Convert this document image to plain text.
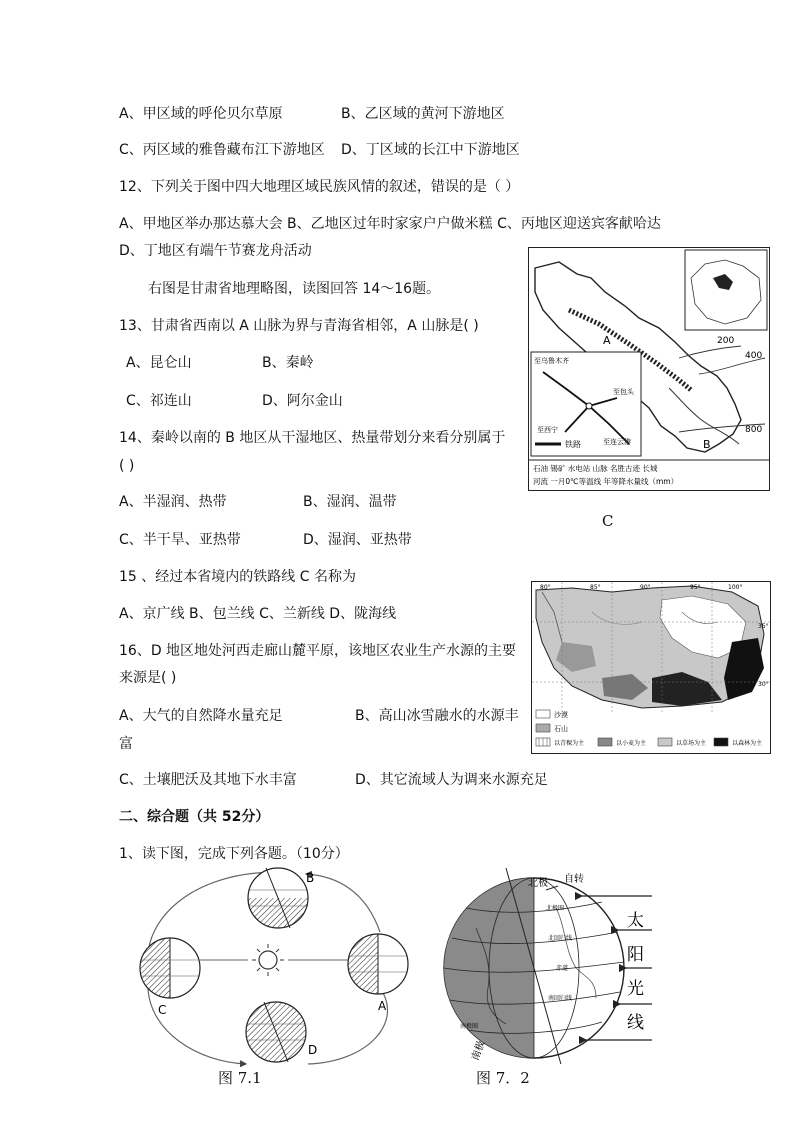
A、甲区域的呼伦贝尔草原	B、乙区域的黄河下游地区
C、丙区域的雅鲁藏布江下游地区 D、丁区域的长江中下游地区
12、下列关于图中四大地理区域民族风情的叙述，错误的是（ ）
A、甲地区举办那达慕大会 B、乙地区过年时家家户户做米糕 C、丙地区迎送宾客献哈达
D、丁地区有端午节赛龙舟活动
右图是甘肃省地理略图，读图回答 14～16题。
13、甘肃省西南以 A 山脉为界与青海省相邻，A 山脉是( )
A、昆仑山	B、秦岭
C、祁连山	D、阿尔金山
14、秦岭以南的 B 地区从干湿地区、热量带划分来看分别属于
( )
A、半湿润、热带	B、湿润、温带
C、半干旱、亚热带	D、湿润、亚热带
15 、经过本省境内的铁路线 C 名称为
A、京广线 B、包兰线 C、兰新线 D、陇海线
16、D 地区地处河西走廊山麓平原，该地区农业生产水源的主要
来源是( )
A、大气的自然降水量充足	B、高山冰雪融水的水源丰
富
C、土壤肥沃及其地下水丰富	D、其它流域人为调来水源充足
二、综合题（共 52分）
1、读下图，完成下列各题。（10分）
200
400
800
A
B
至乌鲁木齐
至西宁
至包头
至连云港
铁路
石油 锡矿 水电站 山脉 名胜古迹 长城
河流 一月0℃等温线 年等降水量线（mm）
C
80°	85°	90°	95°	100°
35°
30°
沙漠
石山
以青稞为主	以小麦为主	以草场为主	以森林为主
B
C	A
D
图 7.1
北极
南极
自转
北极圈
北回归线
赤道
南回归线
南极圈
太
阳
光
线
图 7．2
